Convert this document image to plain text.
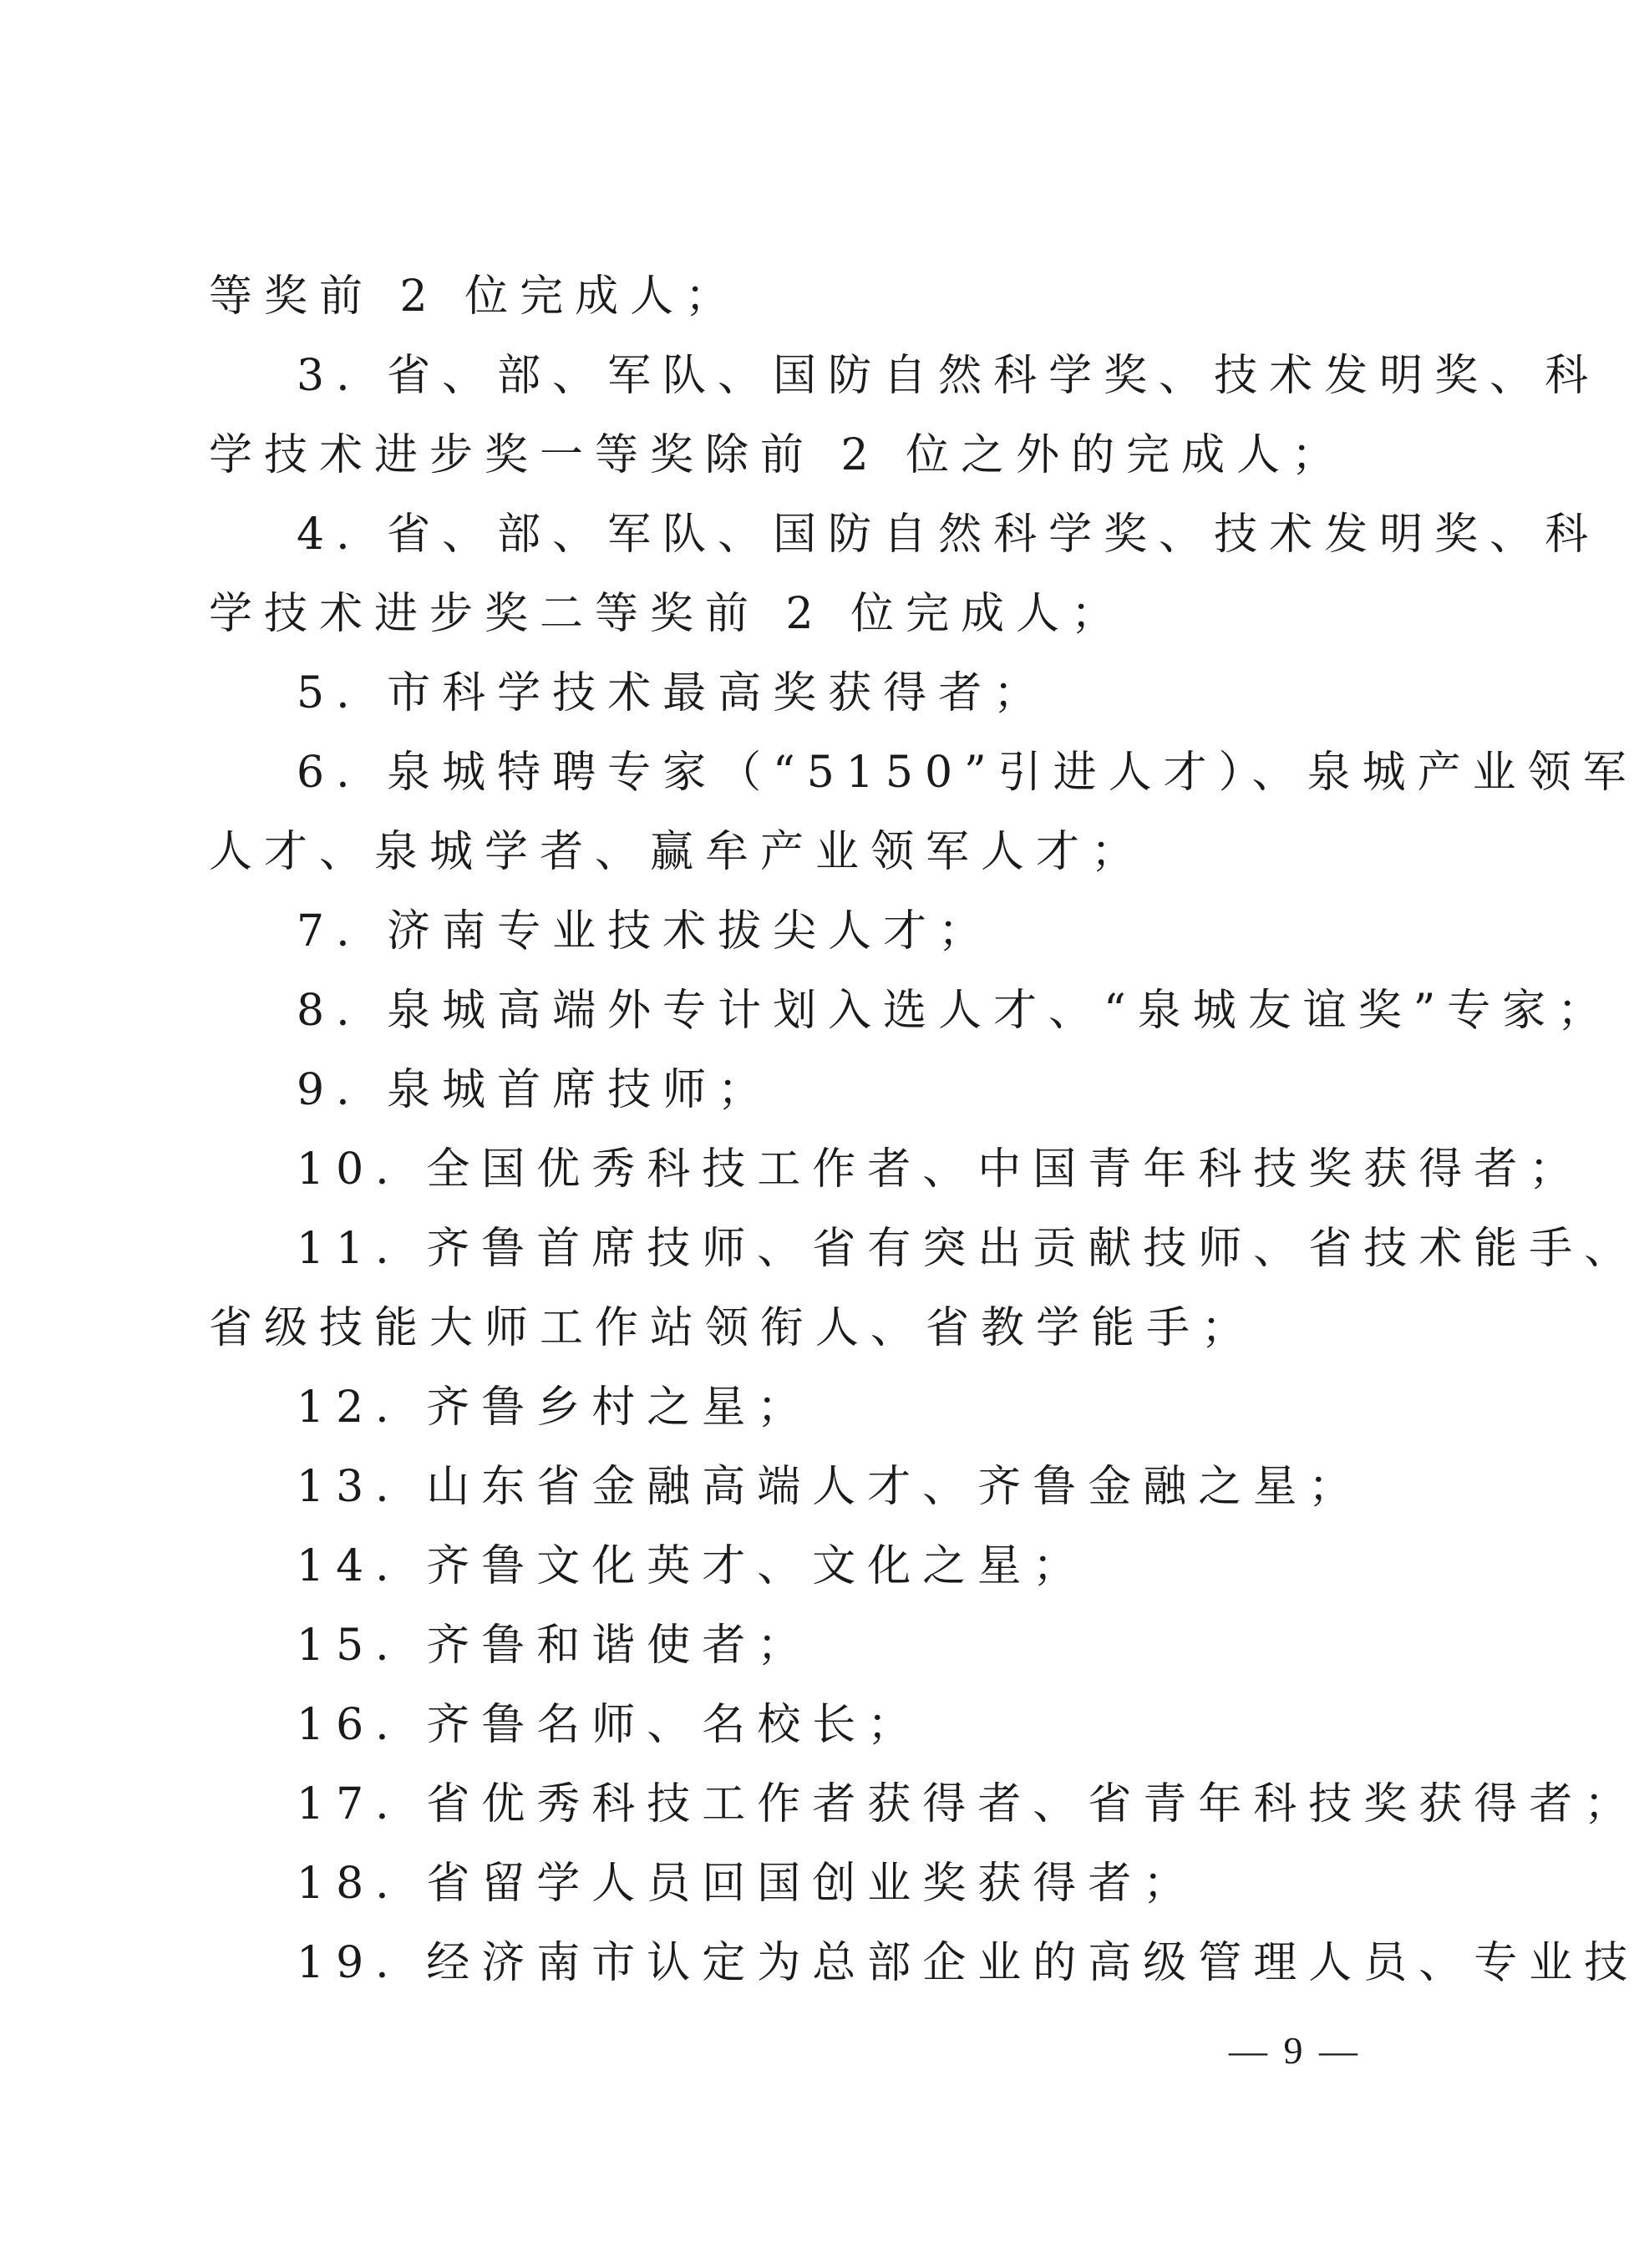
等奖前 2 位完成人；
3. 省、部、军队、国防自然科学奖、技术发明奖、科
学技术进步奖一等奖除前 2 位之外的完成人；
4. 省、部、军队、国防自然科学奖、技术发明奖、科
学技术进步奖二等奖前 2 位完成人；
5. 市科学技术最高奖获得者；
6. 泉城特聘专家（“5150”引进人才）、泉城产业领军
人才、泉城学者、赢牟产业领军人才；
7. 济南专业技术拔尖人才；
8. 泉城高端外专计划入选人才、“泉城友谊奖”专家；
9. 泉城首席技师；
10. 全国优秀科技工作者、中国青年科技奖获得者；
11. 齐鲁首席技师、省有突出贡献技师、省技术能手、
省级技能大师工作站领衔人、省教学能手；
12. 齐鲁乡村之星；
13. 山东省金融高端人才、齐鲁金融之星；
14. 齐鲁文化英才、文化之星；
15. 齐鲁和谐使者；
16. 齐鲁名师、名校长；
17. 省优秀科技工作者获得者、省青年科技奖获得者；
18. 省留学人员回国创业奖获得者；
19. 经济南市认定为总部企业的高级管理人员、专业技
— 9 —
